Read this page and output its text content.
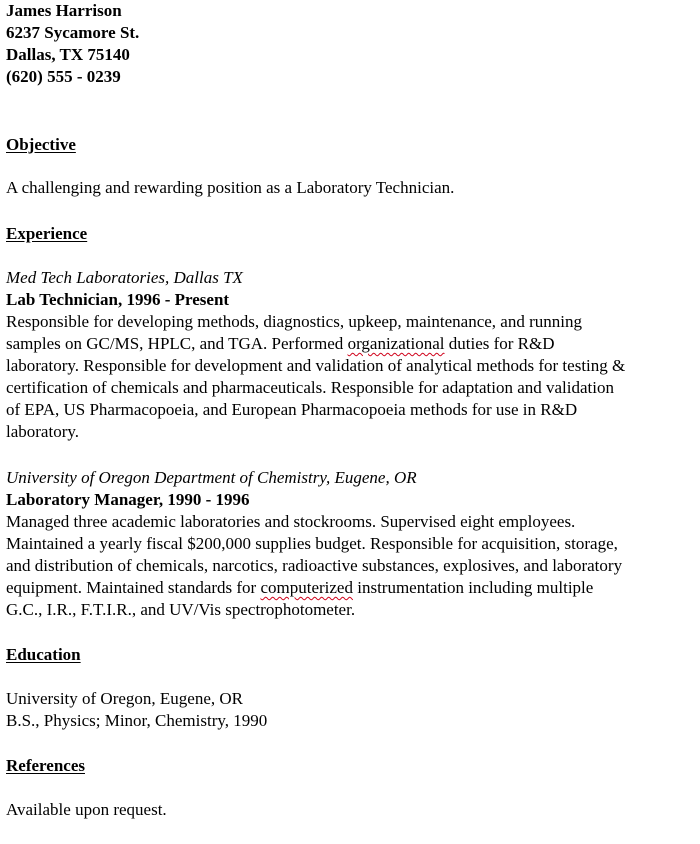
James Harrison
6237 Sycamore St.
Dallas, TX 75140
(620) 555 - 0239
Objective
A challenging and rewarding position as a Laboratory Technician.
Experience
Med Tech Laboratories, Dallas TX
Lab Technician, 1996 - Present
Responsible for developing methods, diagnostics, upkeep, maintenance, and running
samples on GC/MS, HPLC, and TGA. Performed organizational duties for R&D
laboratory. Responsible for development and validation of analytical methods for testing &
certification of chemicals and pharmaceuticals. Responsible for adaptation and validation
of EPA, US Pharmacopoeia, and European Pharmacopoeia methods for use in R&D
laboratory.
University of Oregon Department of Chemistry, Eugene, OR
Laboratory Manager, 1990 - 1996
Managed three academic laboratories and stockrooms. Supervised eight employees.
Maintained a yearly fiscal $200,000 supplies budget. Responsible for acquisition, storage,
and distribution of chemicals, narcotics, radioactive substances, explosives, and laboratory
equipment. Maintained standards for computerized instrumentation including multiple
G.C., I.R., F.T.I.R., and UV/Vis spectrophotometer.
Education
University of Oregon, Eugene, OR
B.S., Physics; Minor, Chemistry, 1990
References
Available upon request.
